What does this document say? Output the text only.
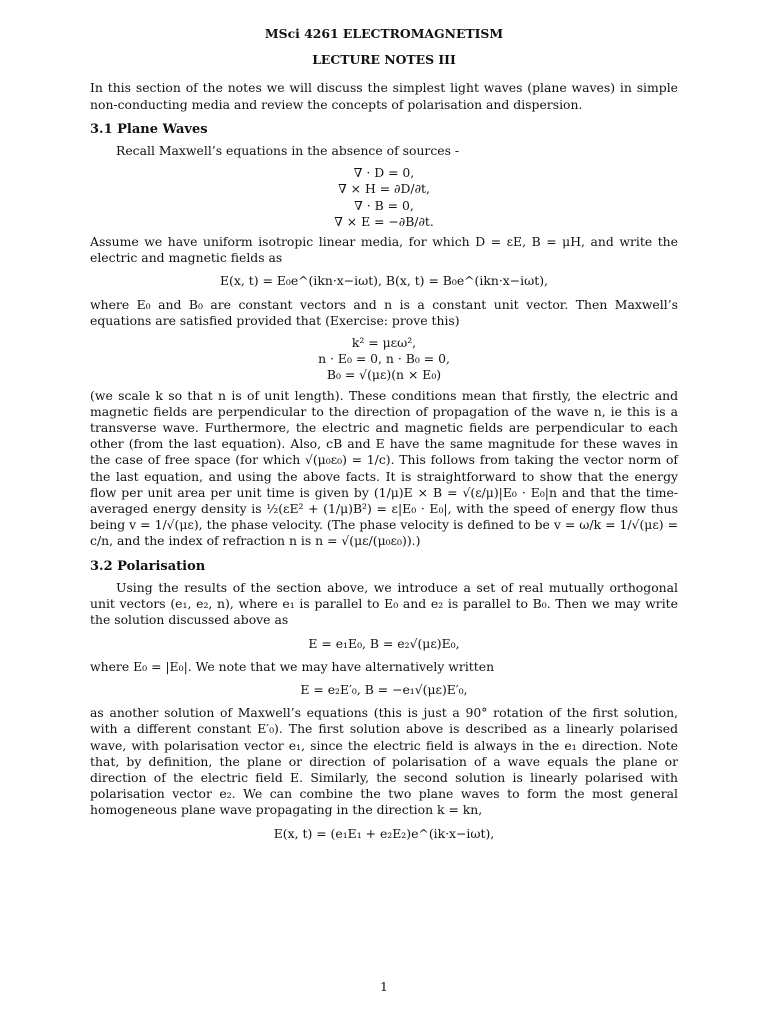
MSci 4261 ELECTROMAGNETISM
LECTURE NOTES III

In this section of the notes we will discuss the simplest light waves (plane waves) in simple non-conducting media and review the concepts of polarisation and dispersion.

3.1 Plane Waves

Recall Maxwell’s equations in the absence of sources -

∇ · D = 0,
∇ × H = ∂D/∂t,
∇ · B = 0,
∇ × E = −∂B/∂t.

Assume we have uniform isotropic linear media, for which D = εE, B = μH, and write the electric and magnetic fields as

E(x, t) = E₀e^(ikn·x−iωt), B(x, t) = B₀e^(ikn·x−iωt),

where E₀ and B₀ are constant vectors and n is a constant unit vector. Then Maxwell’s equations are satisfied provided that (Exercise: prove this)

k² = μεω²,
n · E₀ = 0, n · B₀ = 0,
B₀ = √(με)(n × E₀)

(we scale k so that n is of unit length). These conditions mean that firstly, the electric and magnetic fields are perpendicular to the direction of propagation of the wave n, ie this is a transverse wave. Furthermore, the electric and magnetic fields are perpendicular to each other (from the last equation). Also, cB and E have the same magnitude for these waves in the case of free space (for which √(μ₀ε₀) = 1/c). This follows from taking the vector norm of the last equation, and using the above facts. It is straightforward to show that the energy flow per unit area per unit time is given by (1/μ)E × B = √(ε/μ)|E₀ · E₀|n and that the time-averaged energy density is ½(εE² + (1/μ)B²) = ε|E₀ · E₀|, with the speed of energy flow thus being v = 1/√(με), the phase velocity. (The phase velocity is defined to be v = ω/k = 1/√(με) = c/n, and the index of refraction n is n = √(με/(μ₀ε₀)).)

3.2 Polarisation

Using the results of the section above, we introduce a set of real mutually orthogonal unit vectors (e₁, e₂, n), where e₁ is parallel to E₀ and e₂ is parallel to B₀. Then we may write the solution discussed above as

E = e₁E₀, B = e₂√(με)E₀,

where E₀ = |E₀|. We note that we may have alternatively written

E = e₂E′₀, B = −e₁√(με)E′₀,

as another solution of Maxwell’s equations (this is just a 90° rotation of the first solution, with a different constant E′₀). The first solution above is described as a linearly polarised wave, with polarisation vector e₁, since the electric field is always in the e₁ direction. Note that, by definition, the plane or direction of polarisation of a wave equals the plane or direction of the electric field E. Similarly, the second solution is linearly polarised with polarisation vector e₂. We can combine the two plane waves to form the most general homogeneous plane wave propagating in the direction k = kn,

E(x, t) = (e₁E₁ + e₂E₂)e^(ik·x−iωt),
1
